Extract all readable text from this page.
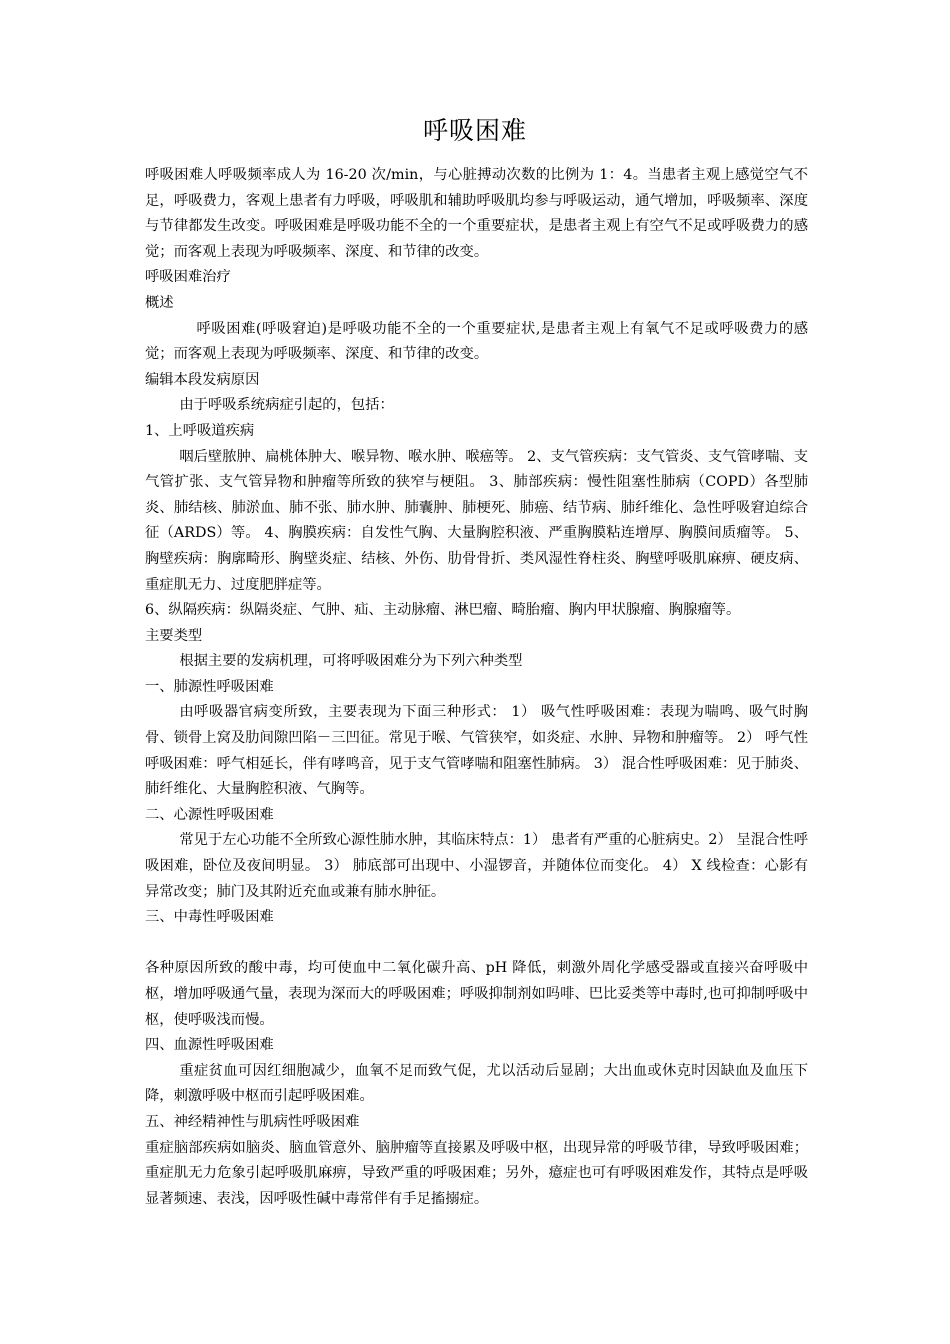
呼吸困难

呼吸困难人呼吸频率成人为 16-20 次/min，与心脏搏动次数的比例为 1：4。当患者主观上感觉空气不足，呼吸费力，客观上患者有力呼吸，呼吸肌和辅助呼吸肌均参与呼吸运动，通气增加，呼吸频率、深度与节律都发生改变。呼吸困难是呼吸功能不全的一个重要症状，是患者主观上有空气不足或呼吸费力的感觉；而客观上表现为呼吸频率、深度、和节律的改变。

呼吸困难治疗

概述

呼吸困难(呼吸窘迫)是呼吸功能不全的一个重要症状,是患者主观上有氧气不足或呼吸费力的感觉；而客观上表现为呼吸频率、深度、和节律的改变。

编辑本段发病原因

由于呼吸系统病症引起的，包括：

1、上呼吸道疾病

咽后壁脓肿、扁桃体肿大、喉异物、喉水肿、喉癌等。 2、支气管疾病：支气管炎、支气管哮喘、支气管扩张、支气管异物和肿瘤等所致的狭窄与梗阻。 3、肺部疾病：慢性阻塞性肺病（COPD）各型肺炎、肺结核、肺淤血、肺不张、肺水肿、肺囊肿、肺梗死、肺癌、结节病、肺纤维化、急性呼吸窘迫综合征（ARDS）等。 4、胸膜疾病：自发性气胸、大量胸腔积液、严重胸膜粘连增厚、胸膜间质瘤等。 5、胸壁疾病：胸廓畸形、胸壁炎症、结核、外伤、肋骨骨折、类风湿性脊柱炎、胸壁呼吸肌麻痹、硬皮病、重症肌无力、过度肥胖症等。

6、纵隔疾病：纵隔炎症、气肿、疝、主动脉瘤、淋巴瘤、畸胎瘤、胸内甲状腺瘤、胸腺瘤等。

主要类型

根据主要的发病机理，可将呼吸困难分为下列六种类型

一、肺源性呼吸困难

由呼吸器官病变所致，主要表现为下面三种形式： 1） 吸气性呼吸困难：表现为喘鸣、吸气时胸骨、锁骨上窝及肋间隙凹陷－三凹征。常见于喉、气管狭窄，如炎症、水肿、异物和肿瘤等。 2） 呼气性呼吸困难：呼气相延长，伴有哮鸣音，见于支气管哮喘和阻塞性肺病。 3） 混合性呼吸困难：见于肺炎、肺纤维化、大量胸腔积液、气胸等。

二、心源性呼吸困难

常见于左心功能不全所致心源性肺水肿，其临床特点：1） 患者有严重的心脏病史。2） 呈混合性呼吸困难，卧位及夜间明显。 3） 肺底部可出现中、小湿锣音，并随体位而变化。 4） X 线检查：心影有异常改变；肺门及其附近充血或兼有肺水肿征。

三、中毒性呼吸困难

各种原因所致的酸中毒，均可使血中二氧化碳升高、pH 降低，刺激外周化学感受器或直接兴奋呼吸中 枢，增加呼吸通气量，表现为深而大的呼吸困难；呼吸抑制剂如吗啡、巴比妥类等中毒时,也可抑制呼吸中枢，使呼吸浅而慢。

四、血源性呼吸困难

重症贫血可因红细胞减少，血氧不足而致气促，尤以活动后显剧；大出血或休克时因缺血及血压下降，刺激呼吸中枢而引起呼吸困难。

五、神经精神性与肌病性呼吸困难

重症脑部疾病如脑炎、脑血管意外、脑肿瘤等直接累及呼吸中枢，出现异常的呼吸节律，导致呼吸困难；重症肌无力危象引起呼吸肌麻痹，导致严重的呼吸困难；另外，癔症也可有呼吸困难发作，其特点是呼吸显著频速、表浅，因呼吸性碱中毒常伴有手足搐搦症。
